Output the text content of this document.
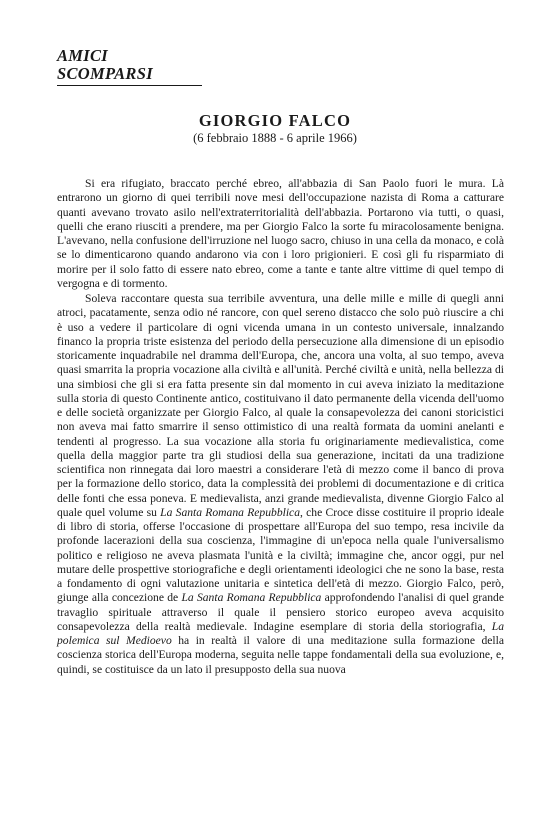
AMICI SCOMPARSI
GIORGIO FALCO
(6 febbraio 1888 - 6 aprile 1966)

Si era rifugiato, braccato perché ebreo, all'abbazia di San Paolo fuori le mura. Là entrarono un giorno di quei terribili nove mesi dell'occupazione nazista di Roma a catturare quanti avevano trovato asilo nell'extraterritorialità dell'abbazia. Portarono via tutti, o quasi, quelli che erano riusciti a prendere, ma per Giorgio Falco la sorte fu miracolosamente benigna. L'avevano, nella confusione dell'irruzione nel luogo sacro, chiuso in una cella da monaco, e colà se lo dimenticarono quando andarono via con i loro prigionieri. E così gli fu risparmiato di morire per il solo fatto di essere nato ebreo, come a tante e tante altre vittime di quel tempo di vergogna e di tormento.

Soleva raccontare questa sua terribile avventura, una delle mille e mille di quegli anni atroci, pacatamente, senza odio né rancore, con quel sereno distacco che solo può riuscire a chi è uso a vedere il particolare di ogni vicenda umana in un contesto universale, innalzando financo la propria triste esistenza del periodo della persecuzione alla dimensione di un episodio storicamente inquadrabile nel dramma dell'Europa, che, ancora una volta, al suo tempo, aveva quasi smarrita la propria vocazione alla civiltà e all'unità. Perché civiltà e unità, nella bellezza di una simbiosi che gli si era fatta presente sin dal momento in cui aveva iniziato la meditazione sulla storia di questo Continente antico, costituivano il dato permanente della vicenda dell'uomo e delle società organizzate per Giorgio Falco, al quale la consapevolezza dei canoni storicistici non aveva mai fatto smarrire il senso ottimistico di una realtà formata da uomini anelanti e tendenti al progresso. La sua vocazione alla storia fu originariamente medievalistica, come quella della maggior parte tra gli studiosi della sua generazione, incitati da una tradizione scientifica non rinnegata dai loro maestri a considerare l'età di mezzo come il banco di prova per la formazione dello storico, data la complessità dei problemi di documentazione e di critica delle fonti che essa poneva. E medievalista, anzi grande medievalista, divenne Giorgio Falco al quale quel volume su La Santa Romana Repubblica, che Croce disse costituire il proprio ideale di libro di storia, offerse l'occasione di prospettare all'Europa del suo tempo, resa incivile da profonde lacerazioni della sua coscienza, l'immagine di un'epoca nella quale l'universalismo politico e religioso ne aveva plasmata l'unità e la civiltà; immagine che, ancor oggi, pur nel mutare delle prospettive storiografiche e degli orientamenti ideologici che ne sono la base, resta a fondamento di ogni valutazione unitaria e sintetica dell'età di mezzo. Giorgio Falco, però, giunge alla concezione de La Santa Romana Repubblica approfondendo l'analisi di quel grande travaglio spirituale attraverso il quale il pensiero storico europeo aveva acquisito consapevolezza della realtà medievale. Indagine esemplare di storia della storiografia, La polemica sul Medioevo ha in realtà il valore di una meditazione sulla formazione della coscienza storica dell'Europa moderna, seguita nelle tappe fondamentali della sua evoluzione, e, quindi, se costituisce da un lato il presupposto della sua nuova
